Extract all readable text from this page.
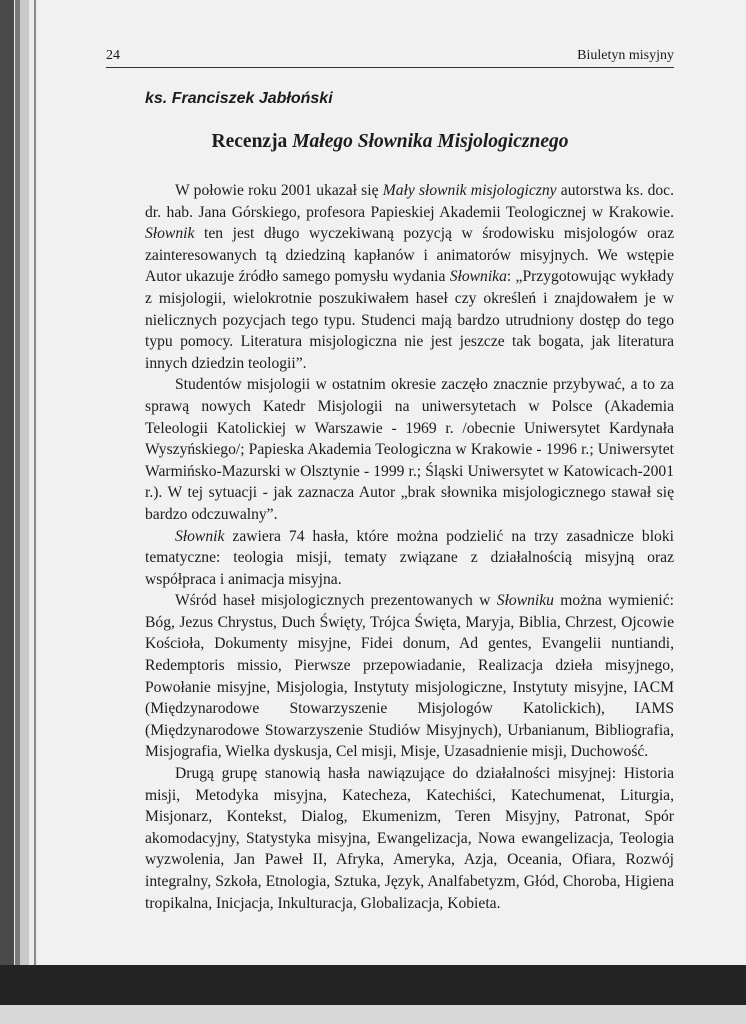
24	Biuletyn misyjny
ks. Franciszek Jabłoński
Recenzja Małego Słownika Misjologicznego

W połowie roku 2001 ukazał się Mały słownik misjologiczny autorstwa ks. doc. dr. hab. Jana Górskiego, profesora Papieskiej Akademii Teologicznej w Krakowie. Słownik ten jest długo wyczekiwaną pozycją w środowisku misjologów oraz zainteresowanych tą dziedziną kapłanów i animatorów misyjnych. We wstępie Autor ukazuje źródło samego pomysłu wydania Słownika: „Przygotowując wykłady z misjologii, wielokrotnie poszukiwałem haseł czy określeń i znajdowałem je w nielicznych pozycjach tego typu. Studenci mają bardzo utrudniony dostęp do tego typu pomocy. Literatura misjologiczna nie jest jeszcze tak bogata, jak literatura innych dziedzin teologii”.

Studentów misjologii w ostatnim okresie zaczęło znacznie przybywać, a to za sprawą nowych Katedr Misjologii na uniwersytetach w Polsce (Akademia Teleologii Katolickiej w Warszawie - 1969 r. /obecnie Uniwersytet Kardynała Wyszyńskiego/; Papieska Akademia Teologiczna w Krakowie - 1996 r.; Uniwersytet Warmińsko-Mazurski w Olsztynie - 1999 r.; Śląski Uniwersytet w Katowicach-2001 r.). W tej sytuacji - jak zaznacza Autor „brak słownika misjologicznego stawał się bardzo odczuwalny”.

Słownik zawiera 74 hasła, które można podzielić na trzy zasadnicze bloki tematyczne: teologia misji, tematy związane z działalnością misyjną oraz współpraca i animacja misyjna.

Wśród haseł misjologicznych prezentowanych w Słowniku można wymienić: Bóg, Jezus Chrystus, Duch Święty, Trójca Święta, Maryja, Biblia, Chrzest, Ojcowie Kościoła, Dokumenty misyjne, Fidei donum, Ad gentes, Evangelii nuntiandi, Redemptoris missio, Pierwsze przepowiadanie, Realizacja dzieła misyjnego, Powołanie misyjne, Misjologia, Instytuty misjologiczne, Instytuty misyjne, IACM (Międzynarodowe Stowarzyszenie Misjologów Katolickich), IAMS (Międzynarodowe Stowarzyszenie Studiów Misyjnych), Urbanianum, Bibliografia, Misjografia, Wielka dyskusja, Cel misji, Misje, Uzasadnienie misji, Duchowość.

Drugą grupę stanowią hasła nawiązujące do działalności misyjnej: Historia misji, Metodyka misyjna, Katecheza, Katechiści, Katechumenat, Liturgia, Misjonarz, Kontekst, Dialog, Ekumenizm, Teren Misyjny, Patronat, Spór akomodacyjny, Statystyka misyjna, Ewangelizacja, Nowa ewangelizacja, Teologia wyzwolenia, Jan Paweł II, Afryka, Ameryka, Azja, Oceania, Ofiara, Rozwój integralny, Szkoła, Etnologia, Sztuka, Język, Analfabetyzm, Głód, Choroba, Higiena tropikalna, Inicjacja, Inkulturacja, Globalizacja, Kobieta.
